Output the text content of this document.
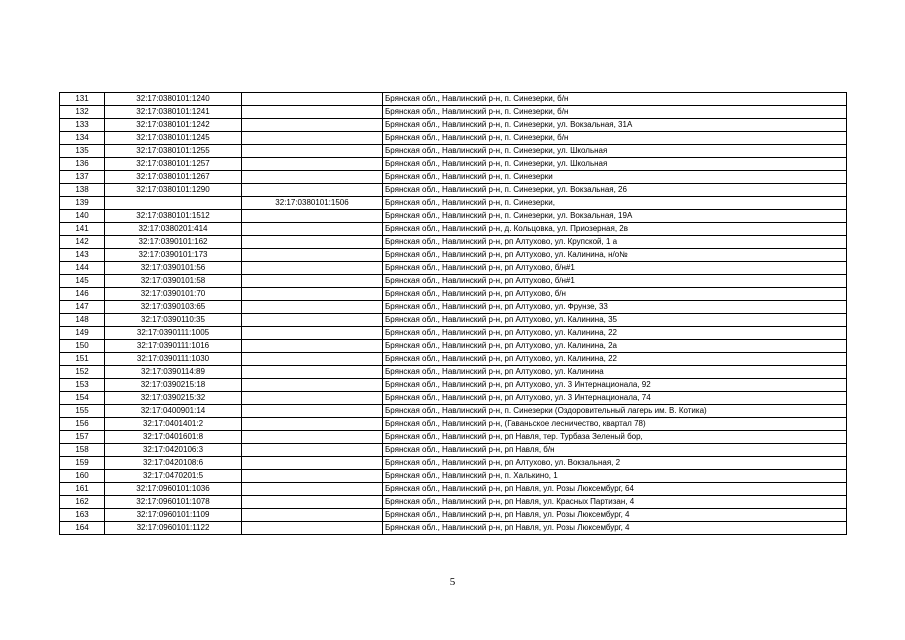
131	32:17:0380101:1240		Брянская обл., Навлинский р-н, п. Синезерки, б/н
132	32:17:0380101:1241		Брянская обл., Навлинский р-н, п. Синезерки, б/н
133	32:17:0380101:1242		Брянская обл., Навлинский р-н, п. Синезерки, ул. Вокзальная, 31А
134	32:17:0380101:1245		Брянская обл., Навлинский р-н, п. Синезерки, б/н
135	32:17:0380101:1255		Брянская обл., Навлинский р-н, п. Синезерки, ул. Школьная
136	32:17:0380101:1257		Брянская обл., Навлинский р-н, п. Синезерки, ул. Школьная
137	32:17:0380101:1267		Брянская обл., Навлинский р-н, п. Синезерки
138	32:17:0380101:1290		Брянская обл., Навлинский р-н, п. Синезерки, ул. Вокзальная, 26
139		32:17:0380101:1506	Брянская обл., Навлинский р-н, п. Синезерки,
140	32:17:0380101:1512		Брянская обл., Навлинский р-н, п. Синезерки, ул. Вокзальная, 19А
141	32:17:0380201:414		Брянская обл., Навлинский р-н, д. Кольцовка, ул. Приозерная, 2в
142	32:17:0390101:162		Брянская обл., Навлинский р-н, рп Алтухово, ул. Крупской, 1 а
143	32:17:0390101:173		Брянская обл., Навлинский р-н, рп Алтухово, ул. Калинина, н/о№
144	32:17:0390101:56		Брянская обл., Навлинский р-н, рп Алтухово, б/н#1
145	32:17:0390101:58		Брянская обл., Навлинский р-н, рп Алтухово, б/н#1
146	32:17:0390101:70		Брянская обл., Навлинский р-н, рп Алтухово, б/н
147	32:17:0390103:65		Брянская обл., Навлинский р-н, рп Алтухово, ул. Фрунзе, 33
148	32:17:0390110:35		Брянская обл., Навлинский р-н, рп Алтухово, ул. Калинина, 35
149	32:17:0390111:1005		Брянская обл., Навлинский р-н, рп Алтухово, ул. Калинина, 22
150	32:17:0390111:1016		Брянская обл., Навлинский р-н, рп Алтухово, ул. Калинина, 2а
151	32:17:0390111:1030		Брянская обл., Навлинский р-н, рп Алтухово, ул. Калинина, 22
152	32:17:0390114:89		Брянская обл., Навлинский р-н, рп Алтухово, ул. Калинина
153	32:17:0390215:18		Брянская обл., Навлинский р-н, рп Алтухово, ул. 3 Интернационала, 92
154	32:17:0390215:32		Брянская обл., Навлинский р-н, рп Алтухово, ул. 3 Интернационала, 74
155	32:17:0400901:14		Брянская обл., Навлинский р-н, п. Синезерки (Оздоровительный лагерь им. В. Котика)
156	32:17:0401401:2		Брянская обл., Навлинский р-н, (Гаваньское лесничество, квартал 78)
157	32:17:0401601:8		Брянская обл., Навлинский р-н, рп Навля, тер. Турбаза Зеленый бор,
158	32:17:0420106:3		Брянская обл., Навлинский р-н, рп Навля, б/н
159	32:17:0420108:6		Брянская обл., Навлинский р-н, рп Алтухово, ул. Вокзальная, 2
160	32:17:0470201:5		Брянская обл., Навлинский р-н, п. Халькино, 1
161	32:17:0960101:1036		Брянская обл., Навлинский р-н, рп Навля, ул. Розы Люксембург, 64
162	32:17:0960101:1078		Брянская обл., Навлинский р-н, рп Навля, ул. Красных Партизан, 4
163	32:17:0960101:1109		Брянская обл., Навлинский р-н, рп Навля, ул. Розы Люксембург, 4
164	32:17:0960101:1122		Брянская обл., Навлинский р-н, рп Навля, ул. Розы Люксембург, 4
5
